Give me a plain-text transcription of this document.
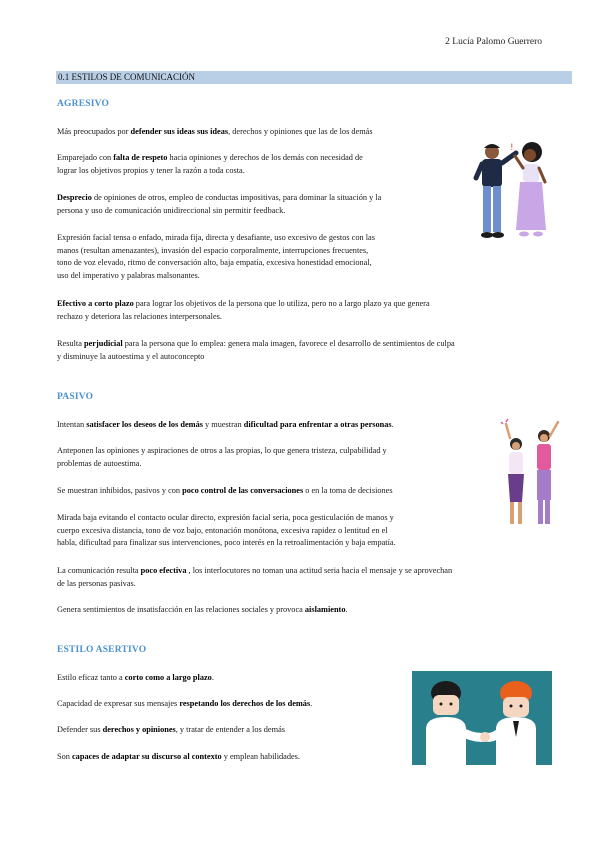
2 Lucía Palomo Guerrero
0.1 ESTILOS DE COMUNICACIÓN
AGRESIVO
Más preocupados por defender sus ideas sus ideas, derechos y opiniones que las de los demás
Emparejado con falta de respeto hacia opiniones y derechos de los demás con necesidad de
lograr los objetivos propios y tener la razón a toda costa.
Desprecio de opiniones de otros, empleo de conductas impositivas, para dominar la situación y la
persona y uso de comunicación unidireccional sin permitir feedback.
Expresión facial tensa o enfado, mirada fija, directa y desafiante, uso excesivo de gestos con las
manos (resultan amenazantes), invasión del espacio corporalmente, interrupciones frecuentes,
tono de voz elevado, ritmo de conversación alto, baja empatía, excesiva honestidad emocional,
uso del imperativo y palabras malsonantes.
Efectivo a corto plazo para lograr los objetivos de la persona que lo utiliza, pero no a largo plazo ya que genera
rechazo y deteriora las relaciones interpersonales.
Resulta perjudicial para la persona que lo emplea: genera mala imagen, favorece el desarrollo de sentimientos de culpa
y disminuye la autoestima y el autoconcepto
!
PASIVO
Intentan satisfacer los deseos de los demás y muestran dificultad para enfrentar a otras personas.
Anteponen las opiniones y aspiraciones de otros a las propias, lo que genera tristeza, culpabilidad y
problemas de autoestima.
Se muestran inhibidos, pasivos y con poco control de las conversaciones o en la toma de decisiones
Mirada baja evitando el contacto ocular directo, expresión facial seria, poca gesticulación de manos y
cuerpo excesiva distancia, tono de voz bajo, entonación monótona, excesiva rapidez o lentitud en el
habla, dificultad para finalizar sus intervenciones, poco interés en la retroalimentación y baja empatía.
La comunicación resulta poco efectiva , los interlocutores no toman una actitud seria hacia el mensaje y se aprovechan
de las personas pasivas.
Genera sentimientos de insatisfacción en las relaciones sociales y provoca aislamiento.
ESTILO ASERTIVO
Estilo eficaz tanto a corto como a largo plazo.
Capacidad de expresar sus mensajes respetando los derechos de los demás.
Defender sus derechos y opiniones, y tratar de entender a los demás
Son capaces de adaptar su discurso al contexto y emplean habilidades.
